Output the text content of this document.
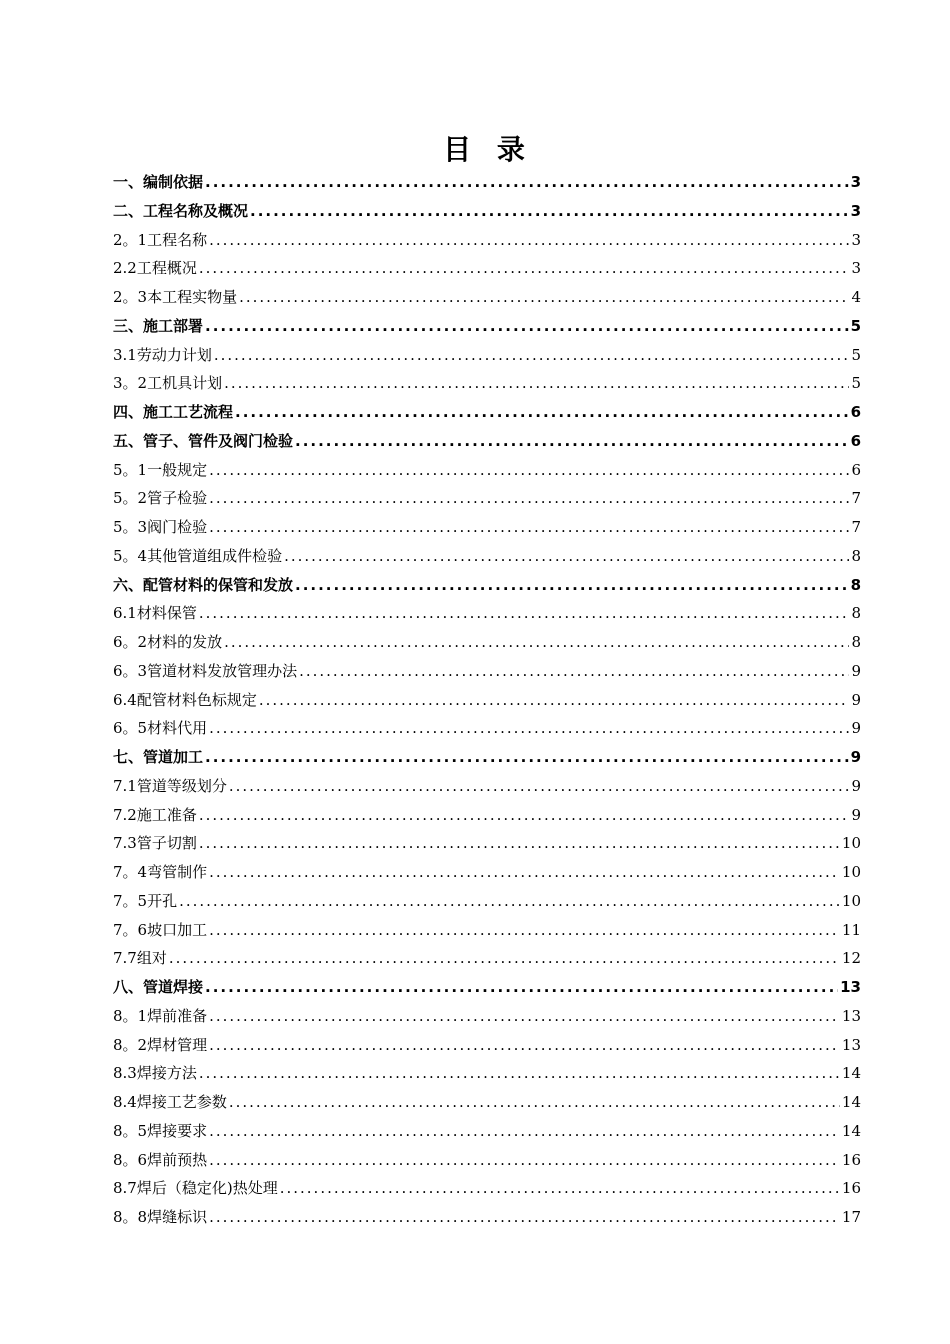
目 录
一、编制依据 .....	3
二、工程名称及概况 .....	3
2。1工程名称 .....	3
2.2工程概况 .....	3
2。3本工程实物量 .....	4
三、施工部署 .....	5
3.1劳动力计划 .....	5
3。2工机具计划 .....	5
四、施工工艺流程 .....	6
五、管子、管件及阀门检验 .....	6
5。1一般规定 .....	6
5。2管子检验 .....	7
5。3阀门检验 .....	7
5。4其他管道组成件检验 .....	8
六、配管材料的保管和发放 .....	8
6.1材料保管 .....	8
6。2材料的发放 .....	8
6。3管道材料发放管理办法 .....	9
6.4配管材料色标规定 .....	9
6。5材料代用 .....	9
七、管道加工 .....	9
7.1管道等级划分 .....	9
7.2施工准备 .....	9
7.3管子切割 .....	10
7。4弯管制作 .....	10
7。5开孔 .....	10
7。6坡口加工 .....	11
7.7组对 .....	12
八、管道焊接 .....	13
8。1焊前准备 .....	13
8。2焊材管理 .....	13
8.3焊接方法 .....	14
8.4焊接工艺参数 .....	14
8。5焊接要求 .....	14
8。6焊前预热 .....	16
8.7焊后（稳定化)热处理 .....	16
8。8焊缝标识 .....	17
